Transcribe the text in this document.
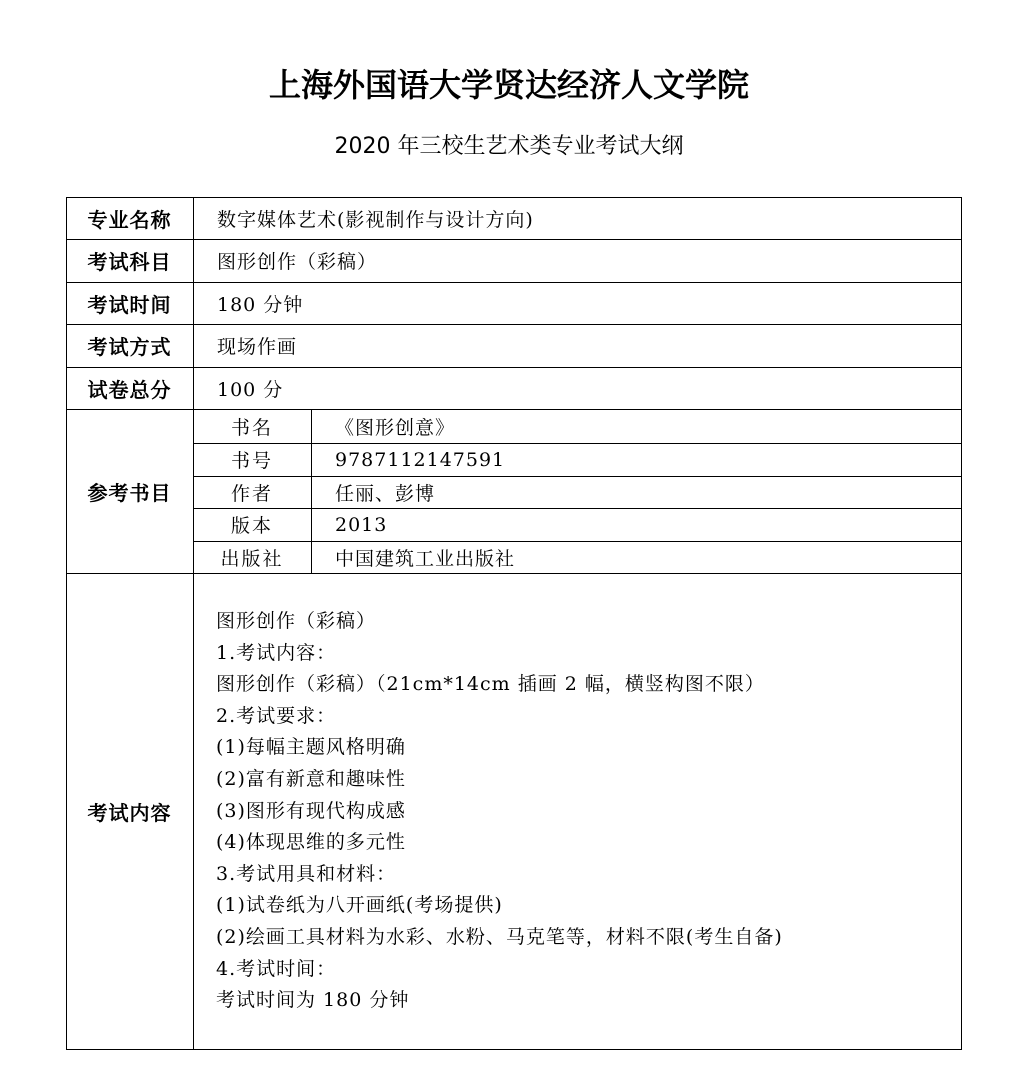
上海外国语大学贤达经济人文学院
2020 年三校生艺术类专业考试大纲
专业名称	数字媒体艺术(影视制作与设计方向)
考试科目	图形创作（彩稿）
考试时间	180 分钟
考试方式	现场作画
试卷总分	100 分
参考书目
书名	《图形创意》
书号	9787112147591
作者	任丽、彭博
版本	2013
出版社	中国建筑工业出版社
考试内容
图形创作（彩稿）
1.考试内容：
图形创作（彩稿）（21cm*14cm 插画 2 幅，横竖构图不限）
2.考试要求：
(1)每幅主题风格明确
(2)富有新意和趣味性
(3)图形有现代构成感
(4)体现思维的多元性
3.考试用具和材料：
(1)试卷纸为八开画纸(考场提供)
(2)绘画工具材料为水彩、水粉、马克笔等，材料不限(考生自备)
4.考试时间：
考试时间为 180 分钟
